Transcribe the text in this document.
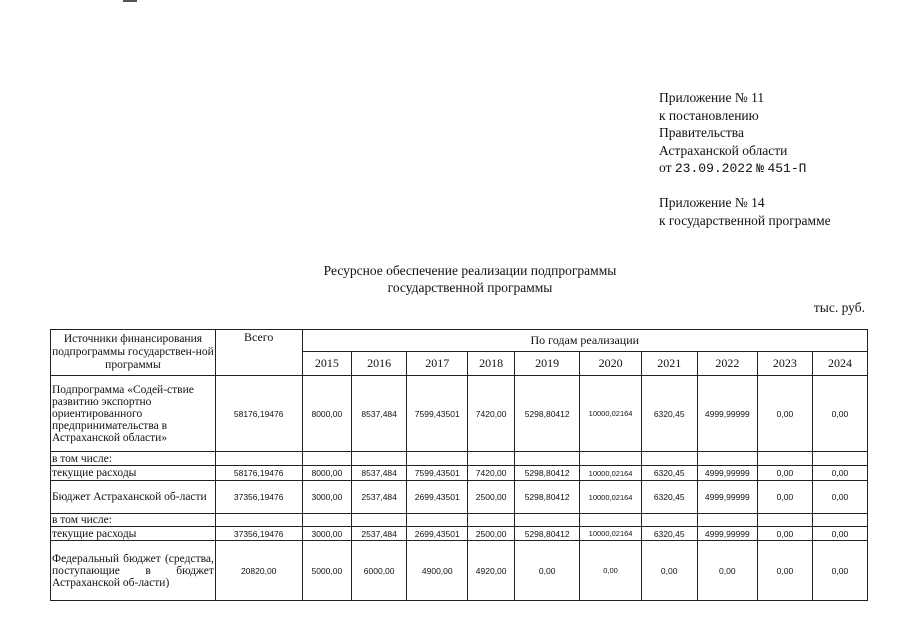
Приложение № 11
к постановлению
Правительства
Астраханской области
от 23.09.2022 № 451-П
Приложение № 14
к государственной программе
Ресурсное обеспечение реализации подпрограммы
государственной программы
тыс. руб.
Источники финансирования подпрограммы государствен-ной программы	Всего	По годам реализации									
		2015	2016	2017	2018	2019	2020	2021	2022	2023	2024
Подпрограмма «Содей-ствие развитию экспортно ориентированного предпринимательства в Астраханской области»	58176,19476	8000,00	8537,484	7599,43501	7420,00	5298,80412	10000,02164	6320,45	4999,99999	0,00	0,00
в том числе:											
текущие расходы	58176,19476	8000,00	8537,484	7599,43501	7420,00	5298,80412	10000,02164	6320,45	4999,99999	0,00	0,00
Бюджет Астраханской об-ласти	37356,19476	3000,00	2537,484	2699,43501	2500,00	5298,80412	10000,02164	6320,45	4999,99999	0,00	0,00
в том числе:											
текущие расходы	37356,19476	3000,00	2537,484	2699,43501	2500,00	5298,80412	10000,02164	6320,45	4999,99999	0,00	0,00
Федеральный бюджет (средства, поступающие в бюджет Астраханской об-ласти)	20820,00	5000,00	6000,00	4900,00	4920,00	0,00	0,00	0,00	0,00	0,00	0,00
